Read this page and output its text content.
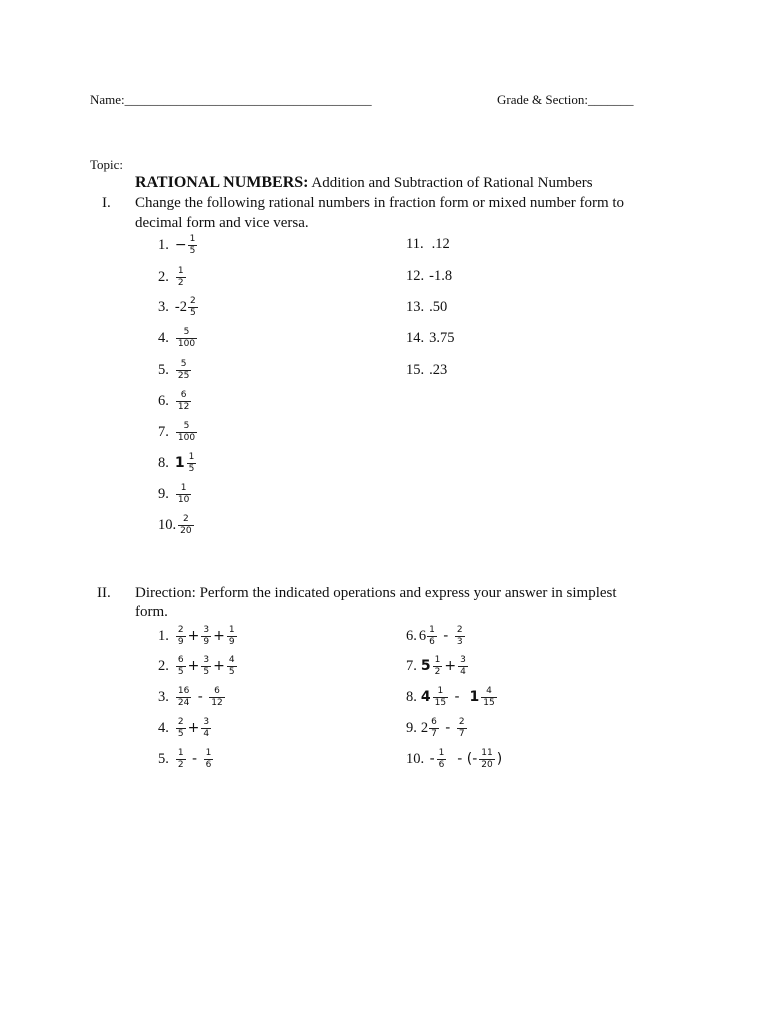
Name:______________________________________	Grade & Section:_______
Topic:
RATIONAL NUMBERS: Addition and Subtraction of Rational Numbers
I. Change the following rational numbers in fraction form or mixed number form to
decimal form and vice versa.
1. − $\frac{1}{5}$
2. $\frac{1}{2}$
3. $-2 \frac{2}{5}$
4. $\frac{5}{100}$
5. $\frac{5}{25}$
6. $\frac{6}{12}$
7. $\frac{5}{100}$
8. $1 \frac{1}{5}$
9. $\frac{1}{10}$
10. $\frac{2}{20}$
11. .12
12. -1.8
13. .50
14. 3.75
15. .23
II. Direction: Perform the indicated operations and express your answer in simplest
form.
1. $\frac{2}{9} + \frac{3}{9} + \frac{1}{9}$
2. $\frac{6}{5} + \frac{3}{5} + \frac{4}{5}$
3. $\frac{16}{24} - \frac{6}{12}$
4. $\frac{2}{5} + \frac{3}{4}$
5. $\frac{1}{2} - \frac{1}{6}$
6. $6 \frac{1}{6} - \frac{2}{3}$
7. $5 \frac{1}{2} + \frac{3}{4}$
8. $4 \frac{1}{15} - 1 \frac{4}{15}$
9. $2 \frac{6}{7} - \frac{2}{7}$
10. - $\frac{1}{6}$ - (- $\frac{11}{20}$ )
